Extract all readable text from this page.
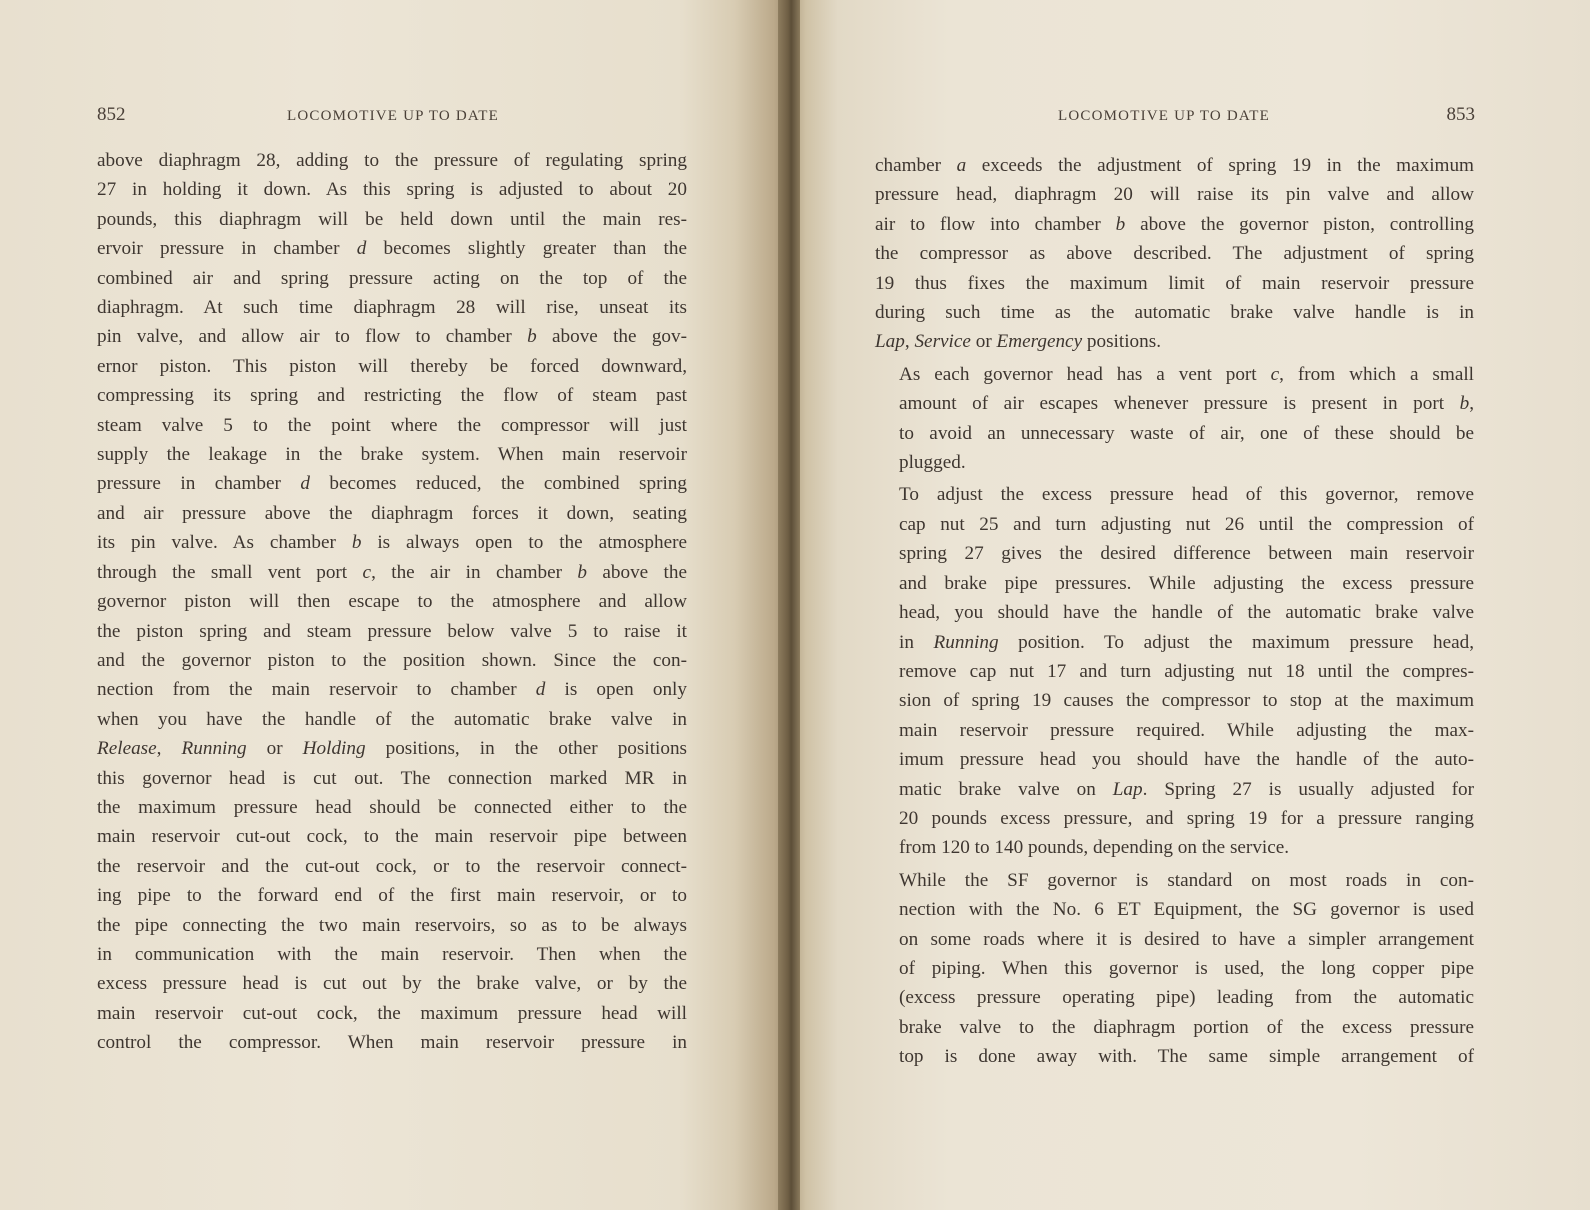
852	LOCOMOTIVE UP TO DATE

above diaphragm 28, adding to the pressure of regulating spring
27 in holding it down. As this spring is adjusted to about 20
pounds, this diaphragm will be held down until the main res-
ervoir pressure in chamber d becomes slightly greater than the
combined air and spring pressure acting on the top of the
diaphragm. At such time diaphragm 28 will rise, unseat its
pin valve, and allow air to flow to chamber b above the gov-
ernor piston. This piston will thereby be forced downward,
compressing its spring and restricting the flow of steam past
steam valve 5 to the point where the compressor will just
supply the leakage in the brake system. When main reservoir
pressure in chamber d becomes reduced, the combined spring
and air pressure above the diaphragm forces it down, seating
its pin valve. As chamber b is always open to the atmosphere
through the small vent port c, the air in chamber b above the
governor piston will then escape to the atmosphere and allow
the piston spring and steam pressure below valve 5 to raise it
and the governor piston to the position shown. Since the con-
nection from the main reservoir to chamber d is open only
when you have the handle of the automatic brake valve in
Release, Running or Holding positions, in the other positions
this governor head is cut out. The connection marked MR in
the maximum pressure head should be connected either to the
main reservoir cut-out cock, to the main reservoir pipe between
the reservoir and the cut-out cock, or to the reservoir connect-
ing pipe to the forward end of the first main reservoir, or to
the pipe connecting the two main reservoirs, so as to be always
in communication with the main reservoir. Then when the
excess pressure head is cut out by the brake valve, or by the
main reservoir cut-out cock, the maximum pressure head will
control the compressor. When main reservoir pressure in

LOCOMOTIVE UP TO DATE	853

chamber a exceeds the adjustment of spring 19 in the maximum
pressure head, diaphragm 20 will raise its pin valve and allow
air to flow into chamber b above the governor piston, controlling
the compressor as above described. The adjustment of spring
19 thus fixes the maximum limit of main reservoir pressure
during such time as the automatic brake valve handle is in
Lap, Service or Emergency positions.

As each governor head has a vent port c, from which a small
amount of air escapes whenever pressure is present in port b,
to avoid an unnecessary waste of air, one of these should be
plugged.

To adjust the excess pressure head of this governor, remove
cap nut 25 and turn adjusting nut 26 until the compression of
spring 27 gives the desired difference between main reservoir
and brake pipe pressures. While adjusting the excess pressure
head, you should have the handle of the automatic brake valve
in Running position. To adjust the maximum pressure head,
remove cap nut 17 and turn adjusting nut 18 until the compres-
sion of spring 19 causes the compressor to stop at the maximum
main reservoir pressure required. While adjusting the max-
imum pressure head you should have the handle of the auto-
matic brake valve on Lap. Spring 27 is usually adjusted for
20 pounds excess pressure, and spring 19 for a pressure ranging
from 120 to 140 pounds, depending on the service.

While the SF governor is standard on most roads in con-
nection with the No. 6 ET Equipment, the SG governor is used
on some roads where it is desired to have a simpler arrangement
of piping. When this governor is used, the long copper pipe
(excess pressure operating pipe) leading from the automatic
brake valve to the diaphragm portion of the excess pressure
top is done away with. The same simple arrangement of
